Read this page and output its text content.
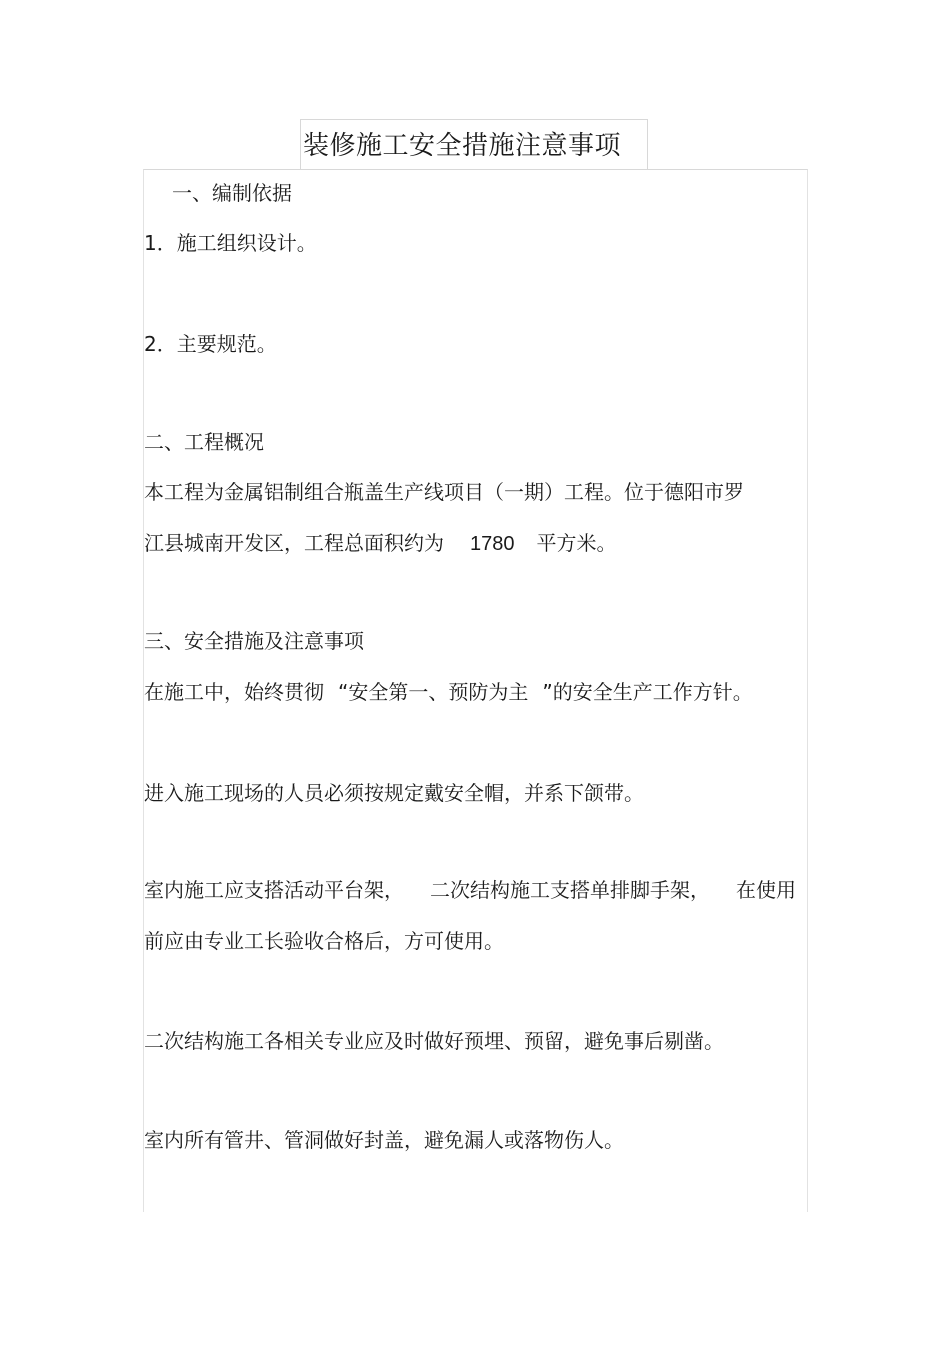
装修施工安全措施注意事项
一、编制依据
1．施工组织设计。
2．主要规范。
二、工程概况
本工程为金属铝制组合瓶盖生产线项目（一期）工程。位于德阳市罗
江县城南开发区，工程总面积约为 1780 平方米。
三、安全措施及注意事项
在施工中，始终贯彻 “安全第一、预防为主 ”的安全生产工作方针。
进入施工现场的人员必须按规定戴安全帽，并系下颌带。
室内施工应支搭活动平台架， 二次结构施工支搭单排脚手架， 在使用
前应由专业工长验收合格后，方可使用。
二次结构施工各相关专业应及时做好预埋、预留，避免事后剔凿。
室内所有管井、管洞做好封盖，避免漏人或落物伤人。
